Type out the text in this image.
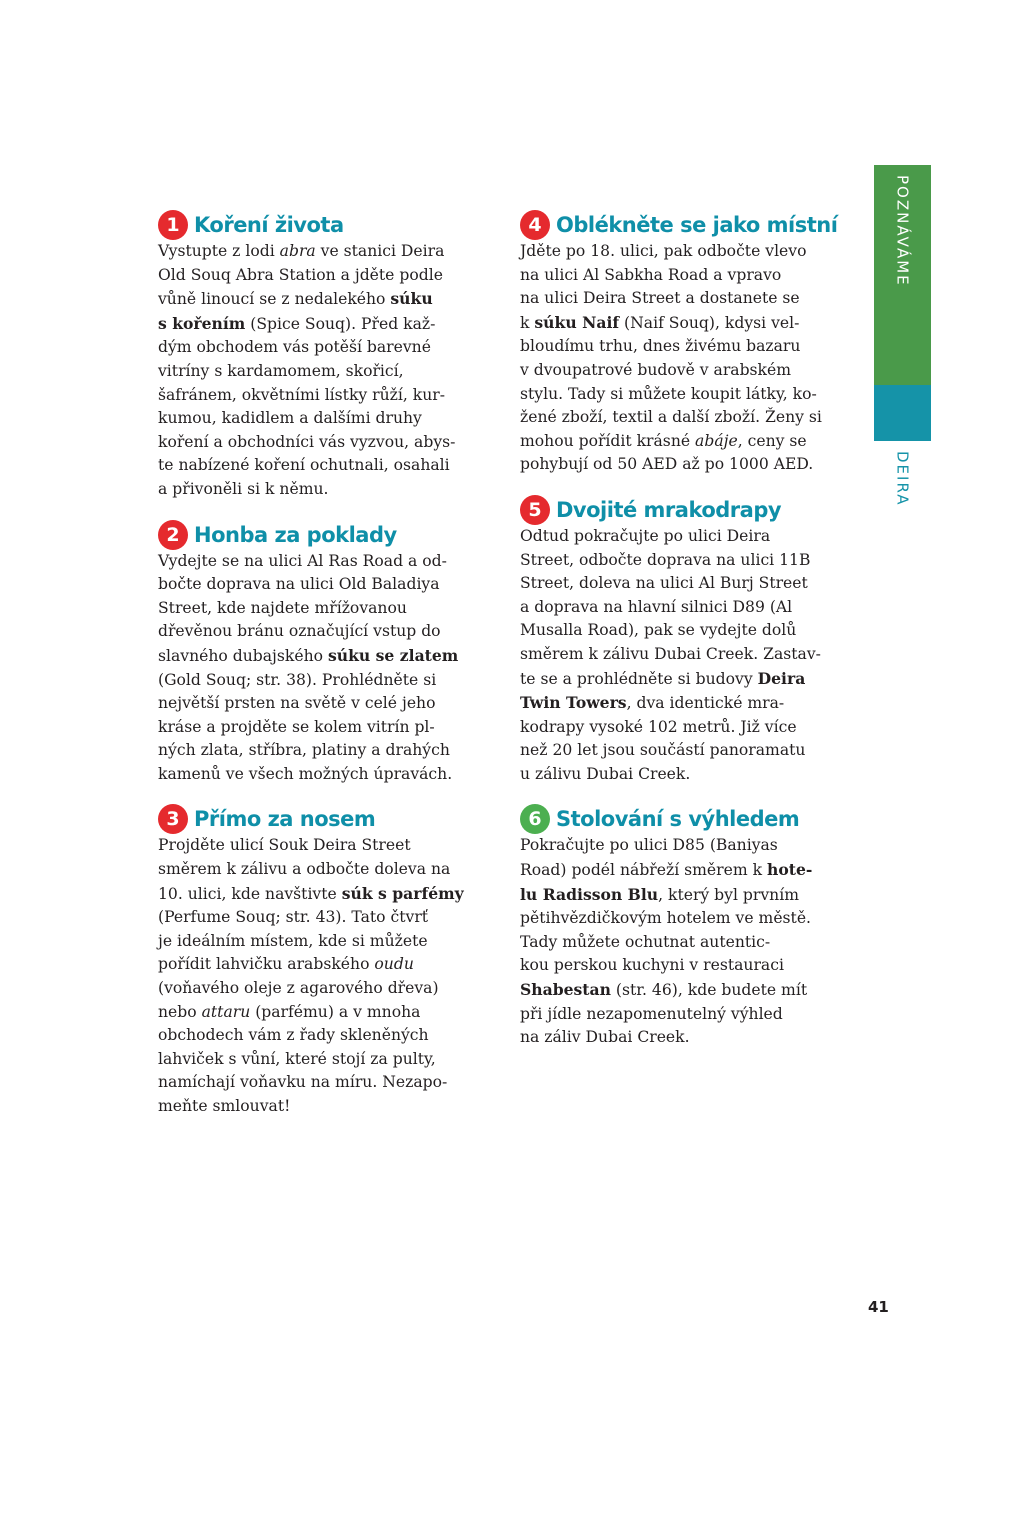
POZNÁVÁME
DEIRA
1 Koření života

Vystupte z lodi abra ve stanici Deira
Old Souq Abra Station a jděte podle
vůně linoucí se z nedalekého súku
s kořením (Spice Souq). Před kaž-
dým obchodem vás potěší barevné
vitríny s kardamomem, skořicí,
šafránem, okvětními lístky růží, kur-
kumou, kadidlem a dalšími druhy
koření a obchodníci vás vyzvou, abys-
te nabízené koření ochutnali, osahali
a přivoněli si k němu.

2 Honba za poklady

Vydejte se na ulici Al Ras Road a od-
bočte doprava na ulici Old Baladiya
Street, kde najdete mřížovanou
dřevěnou bránu označující vstup do
slavného dubajského súku se zlatem
(Gold Souq; str. 38). Prohlédněte si
největší prsten na světě v celé jeho
kráse a projděte se kolem vitrín pl-
ných zlata, stříbra, platiny a drahých
kamenů ve všech možných úpravách.

3 Přímo za nosem

Projděte ulicí Souk Deira Street
směrem k zálivu a odbočte doleva na
10. ulici, kde navštivte súk s parfémy
(Perfume Souq; str. 43). Tato čtvrť
je ideálním místem, kde si můžete
pořídit lahvičku arabského oudu
(voňavého oleje z agarového dřeva)
nebo attaru (parfému) a v mnoha
obchodech vám z řady skleněných
lahviček s vůní, které stojí za pulty,
namíchají voňavku na míru. Nezapo-
meňte smlouvat!

4 Oblékněte se jako místní

Jděte po 18. ulici, pak odbočte vlevo
na ulici Al Sabkha Road a vpravo
na ulici Deira Street a dostanete se
k súku Naif (Naif Souq), kdysi vel-
bloudímu trhu, dnes živému bazaru
v dvoupatrové budově v arabském
stylu. Tady si můžete koupit látky, ko-
žené zboží, textil a další zboží. Ženy si
mohou pořídit krásné abáje, ceny se
pohybují od 50 AED až po 1000 AED.

5 Dvojité mrakodrapy

Odtud pokračujte po ulici Deira
Street, odbočte doprava na ulici 11B
Street, doleva na ulici Al Burj Street
a doprava na hlavní silnici D89 (Al
Musalla Road), pak se vydejte dolů
směrem k zálivu Dubai Creek. Zastav-
te se a prohlédněte si budovy Deira
Twin Towers, dva identické mra-
kodrapy vysoké 102 metrů. Již více
než 20 let jsou součástí panoramatu
u zálivu Dubai Creek.

6 Stolování s výhledem

Pokračujte po ulici D85 (Baniyas
Road) podél nábřeží směrem k hote-
lu Radisson Blu, který byl prvním
pětihvězdičkovým hotelem ve městě.
Tady můžete ochutnat autentic-
kou perskou kuchyni v restauraci
Shabestan (str. 46), kde budete mít
při jídle nezapomenutelný výhled
na záliv Dubai Creek.

41
